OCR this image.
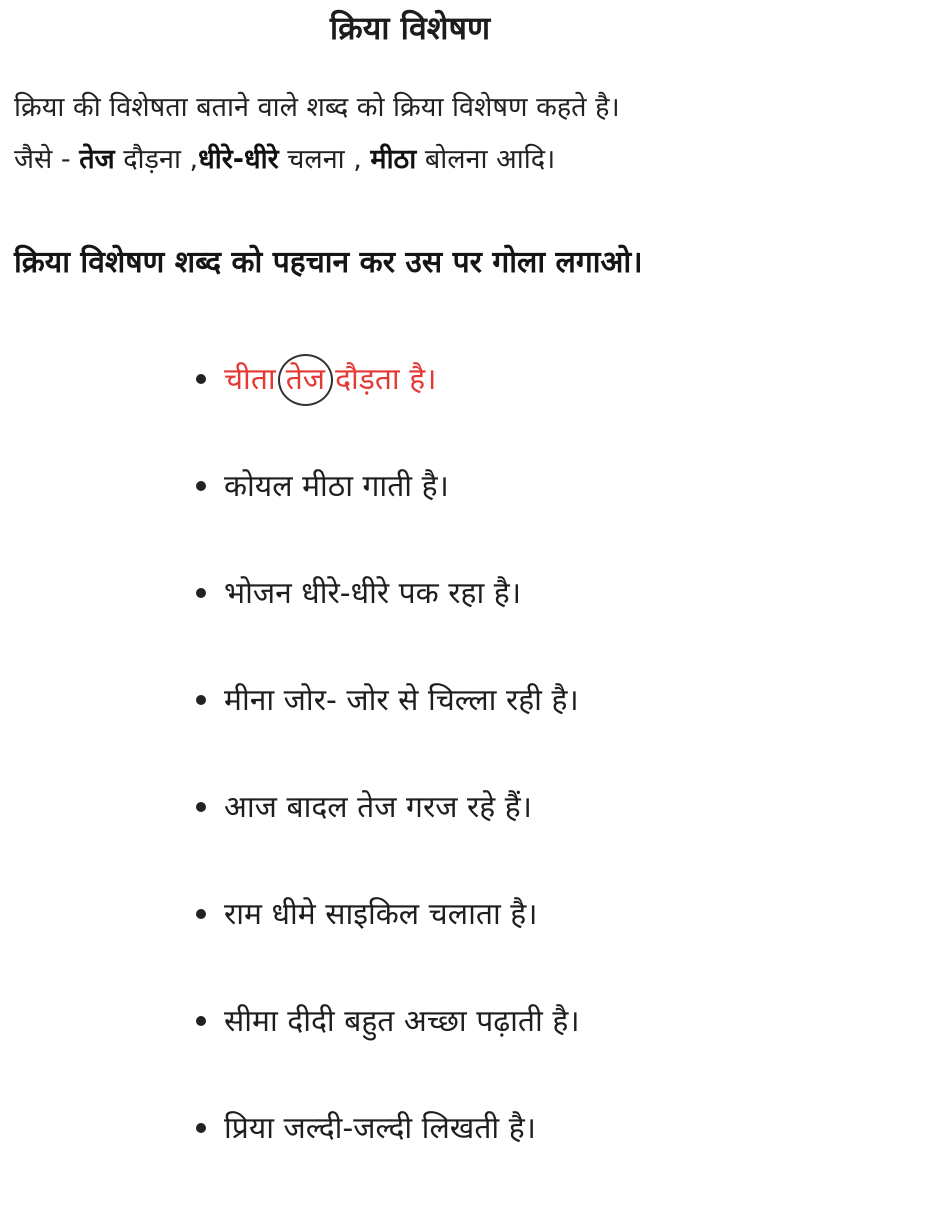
क्रिया विशेषण
क्रिया की विशेषता बताने वाले शब्द को क्रिया विशेषण कहते है।
जैसे - तेज दौड़ना ,धीरे-धीरे चलना , मीठा बोलना आदि।
क्रिया विशेषण शब्द को पहचान कर उस पर गोला लगाओ।
चीता तेज दौड़ता है।
कोयल मीठा गाती है।
भोजन धीरे-धीरे पक रहा है।
मीना जोर- जोर से चिल्ला रही है।
आज बादल तेज गरज रहे हैं।
राम धीमे साइकिल चलाता है।
सीमा दीदी बहुत अच्छा पढ़ाती है।
प्रिया जल्दी-जल्दी लिखती है।
